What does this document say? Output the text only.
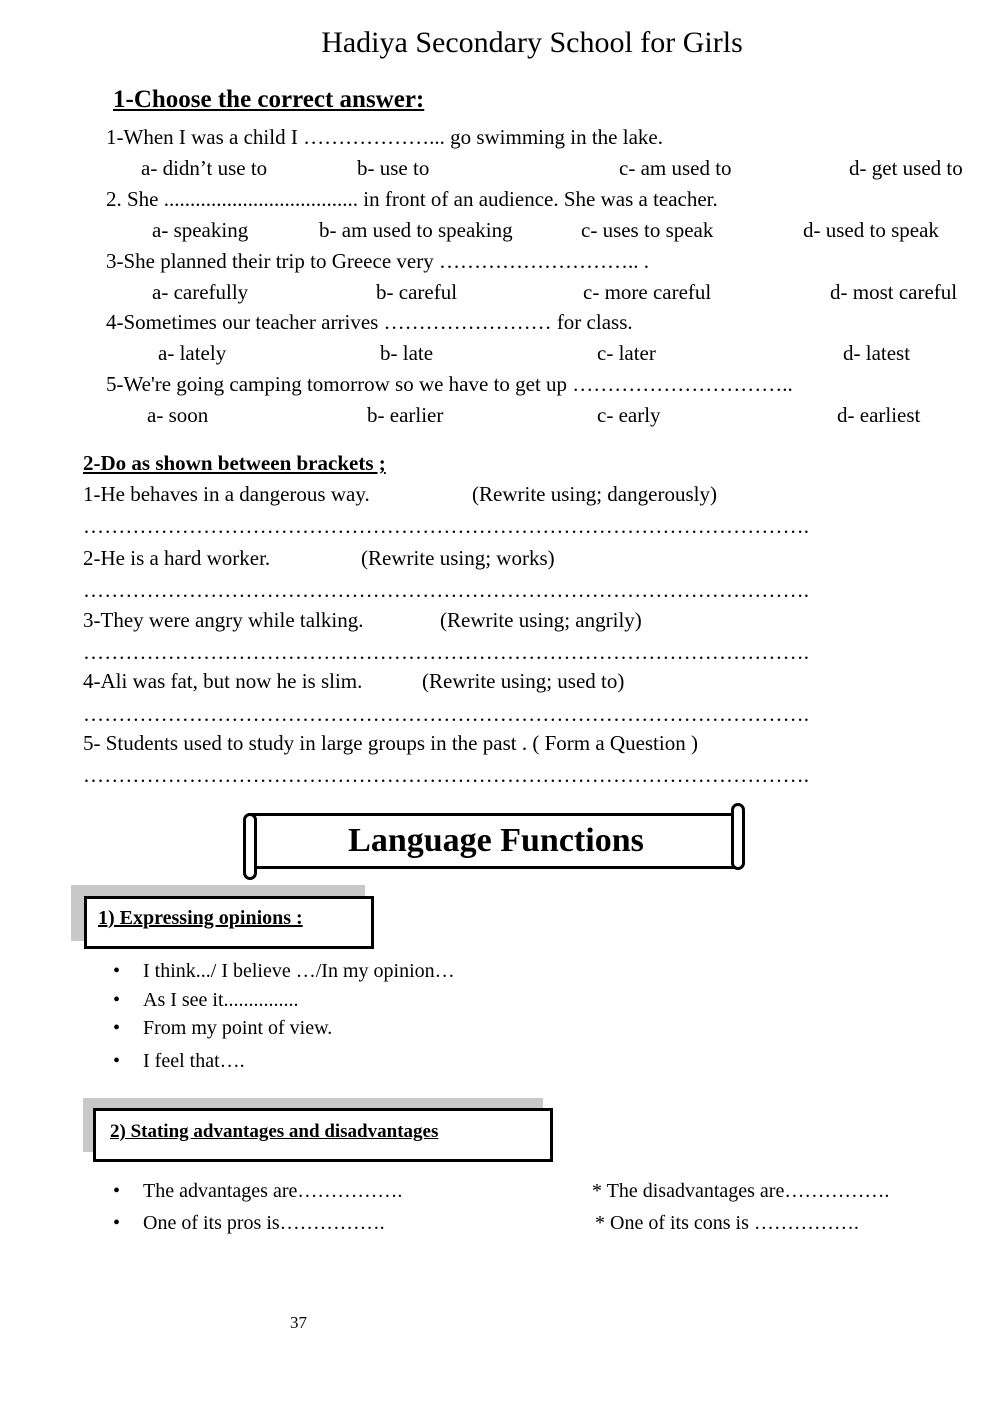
Hadiya Secondary School for Girls
1-Choose the correct answer:
1-When I was a child I ………………... go swimming in the lake.
a- didn’t use to	b- use to	c- am used to	d- get used to
2. She ..................................... in front of an audience. She was a teacher.
a- speaking	b- am used to speaking	c- uses to speak	d- used to speak
3-She planned their trip to Greece very ……………………….. .
a- carefully	b- careful	c- more careful	d- most careful
4-Sometimes our teacher arrives …………………… for class.
a- lately	b- late	c- later	d- latest
5-We're going camping tomorrow so we have to get up …………………………..
a- soon	b- earlier	c- early	d- earliest
2-Do as shown between brackets ;
1-He behaves in a dangerous way.	(Rewrite using; dangerously)
………………………………………………………………………………………….
2-He is a hard worker.	(Rewrite using; works)
………………………………………………………………………………………….
3-They were angry while talking.	(Rewrite using; angrily)
………………………………………………………………………………………….
4-Ali was fat, but now he is slim.	(Rewrite using; used to)
………………………………………………………………………………………….
5- Students used to study in large groups in the past . ( Form a Question )
………………………………………………………………………………………….
Language Functions
1) Expressing opinions :
• I think.../ I believe …/In my opinion…
• As I see it...............
• From my point of view.
• I feel that….
2) Stating advantages and disadvantages
• The advantages are…………….	* The disadvantages are…………….
• One of its pros is…………….	* One of its cons is …………….
37
